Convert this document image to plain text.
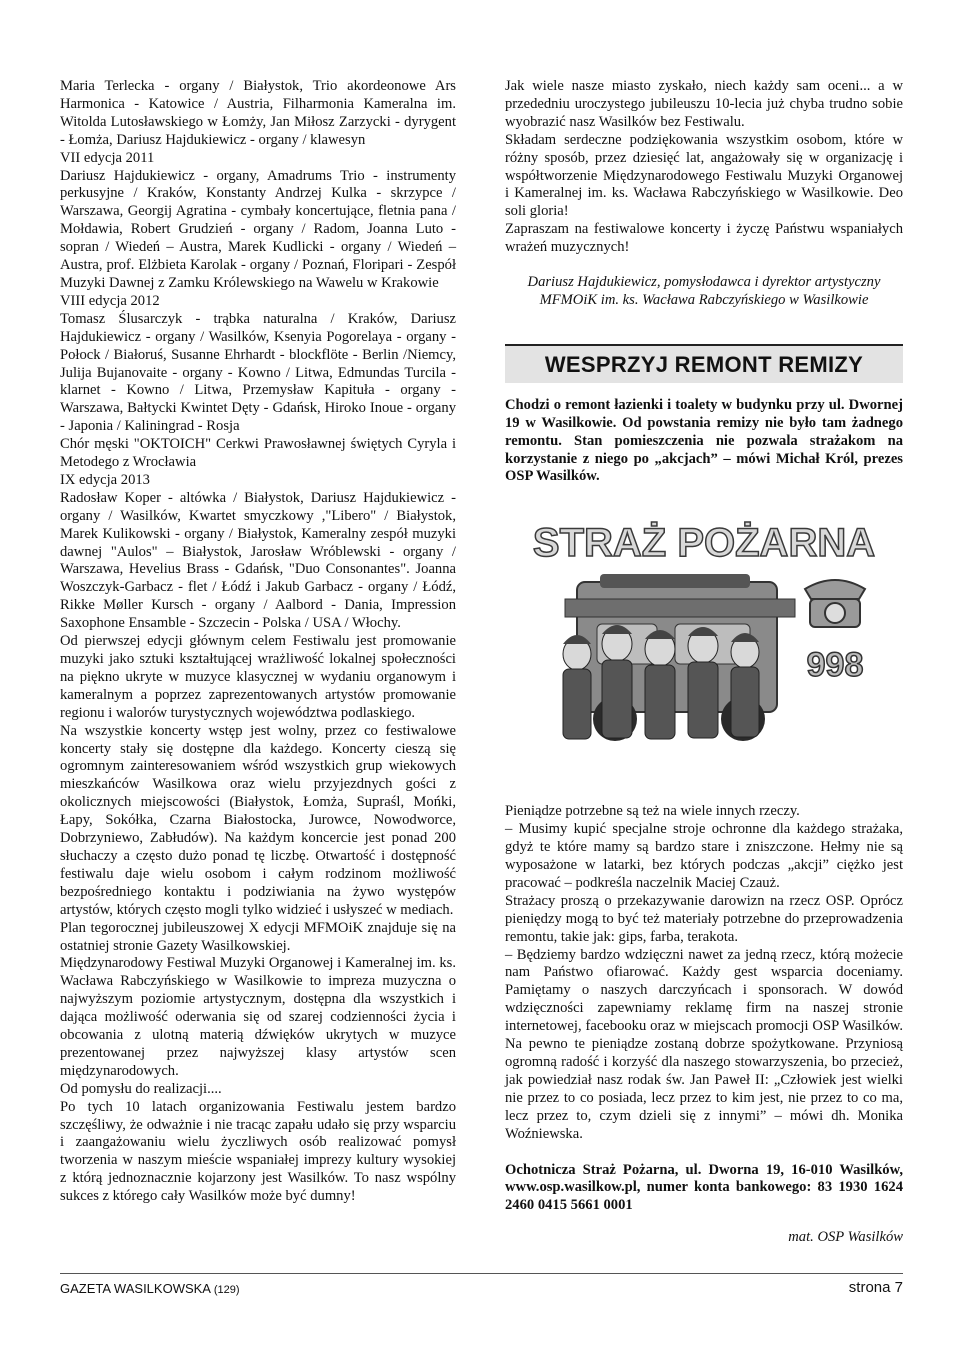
Maria Terlecka - organy / Białystok, Trio akordeonowe Ars Harmonica - Katowice / Austria, Filharmonia Kameralna im. Witolda Lutosławskiego w Łomży, Jan Miłosz Zarzycki - dyrygent - Łomża, Dariusz Hajdukiewicz - organy / klawesyn

VII edycja 2011

Dariusz Hajdukiewicz - organy, Amadrums Trio - instrumenty perkusyjne / Kraków, Konstanty Andrzej Kulka - skrzypce / Warszawa, Georgij Agratina - cymbały koncertujące, fletnia pana / Mołdawia, Robert Grudzień - organy / Radom, Joanna Luto - sopran / Wiedeń – Austra, Marek Kudlicki - organy / Wiedeń – Austra, prof. Elżbieta Karolak - organy / Poznań, Floripari - Zespół Muzyki Dawnej z Zamku Królewskiego na Wawelu w Krakowie

VIII edycja 2012

Tomasz Ślusarczyk - trąbka naturalna / Kraków, Dariusz Hajdukiewicz - organy / Wasilków, Ksenyia Pogorelaya - organy - Połock / Białoruś, Susanne Ehrhardt - blockflöte - Berlin /Niemcy, Julija Bujanovaite - organy - Kowno / Litwa, Edmundas Turcila - klarnet - Kowno / Litwa, Przemysław Kapituła - organy - Warszawa, Bałtycki Kwintet Dęty - Gdańsk, Hiroko Inoue - organy - Japonia / Kaliningrad - Rosja

Chór męski "OKTOICH" Cerkwi Prawosławnej świętych Cyryla i Metodego z Wrocławia

IX edycja 2013

Radosław Koper - altówka / Białystok, Dariusz Hajdukiewicz - organy / Wasilków, Kwartet smyczkowy ,"Libero" / Białystok, Marek Kulikowski - organy / Białystok, Kameralny zespół muzyki dawnej "Aulos" – Białystok, Jarosław Wróblewski - organy / Warszawa, Hevelius Brass - Gdańsk, "Duo Consonantes". Joanna Woszczyk-Garbacz - flet / Łódź i Jakub Garbacz - organy / Łódź, Rikke Møller Kursch - organy / Aalbord - Dania, Impression Saxophone Ensamble - Szczecin - Polska / USA / Włochy.

Od pierwszej edycji głównym celem Festiwalu jest promowanie muzyki jako sztuki kształtującej wrażliwość lokalnej społeczności na piękno ukryte w muzyce klasycznej w wydaniu organowym i kameralnym a poprzez zaprezentowanych artystów promowanie regionu i walorów turystycznych województwa podlaskiego.

Na wszystkie koncerty wstęp jest wolny, przez co festiwalowe koncerty stały się dostępne dla każdego. Koncerty cieszą się ogromnym zainteresowaniem wśród wszystkich grup wiekowych mieszkańców Wasilkowa oraz wielu przyjezdnych gości z okolicznych miejscowości (Białystok, Łomża, Supraśl, Mońki, Łapy, Sokółka, Czarna Białostocka, Jurowce, Nowodworce, Dobrzyniewo, Zabłudów). Na każdym koncercie jest ponad 200 słuchaczy a często dużo ponad tę liczbę. Otwartość i dostępność festiwalu daje wielu osobom i całym rodzinom możliwość bezpośredniego kontaktu i podziwiania na żywo występów artystów, których często mogli tylko widzieć i usłyszeć w mediach.

Plan tegorocznej jubileuszowej X edycji MFMOiK znajduje się na ostatniej stronie Gazety Wasilkowskiej.

Międzynarodowy Festiwal Muzyki Organowej i Kameralnej im. ks. Wacława Rabczyńskiego w Wasilkowie to impreza muzyczna o najwyższym poziomie artystycznym, dostępna dla wszystkich i dająca możliwość oderwania się od szarej codzienności życia i obcowania z ulotną materią dźwięków ukrytych w muzyce prezentowanej przez najwyższej klasy artystów scen międzynarodowych.

Od pomysłu do realizacji....

Po tych 10 latach organizowania Festiwalu jestem bardzo szczęśliwy, że odważnie i nie tracąc zapału udało się przy wsparciu i zaangażowaniu wielu życzliwych osób realizować pomysł tworzenia w naszym mieście wspaniałej imprezy kultury wysokiej z którą jednoznacznie kojarzony jest Wasilków. To nasz wspólny sukces z którego cały Wasilków może być dumny!

Jak wiele nasze miasto zyskało, niech każdy sam oceni... a w przededniu uroczystego jubileuszu 10-lecia już chyba trudno sobie wyobrazić nasz Wasilków bez Festiwalu.

Składam serdeczne podziękowania wszystkim osobom, które w różny sposób, przez dziesięć lat, angażowały się w organizację i współtworzenie Międzynarodowego Festiwalu Muzyki Organowej i Kameralnej im. ks. Wacława Rabczyńskiego w Wasilkowie. Deo soli gloria!

Zapraszam na festiwalowe koncerty i życzę Państwu wspaniałych wrażeń muzycznych!

Dariusz Hajdukiewicz, pomysłodawca i dyrektor artystyczny MFMOiK im. ks. Wacława Rabczyńskiego w Wasilkowie

WESPRZYJ REMONT REMIZY

Chodzi o remont łazienki i toalety w budynku przy ul. Dwornej 19 w Wasilkowie. Od powstania remizy nie było tam żadnego remontu. Stan pomieszczenia nie pozwala strażakom na korzystanie z niego po „akcjach” – mówi Michał Król, prezes OSP Wasilków.

STRAŻ POŻARNA
998

Pieniądze potrzebne są też na wiele innych rzeczy.

– Musimy kupić specjalne stroje ochronne dla każdego strażaka, gdyż te które mamy są bardzo stare i zniszczone. Hełmy nie są wyposażone w latarki, bez których podczas „akcji” ciężko jest pracować – podkreśla naczelnik Maciej Czauż.

Strażacy proszą o przekazywanie darowizn na rzecz OSP. Oprócz pieniędzy mogą to być też materiały potrzebne do przeprowadzenia remontu, takie jak: gips, farba, terakota.

– Będziemy bardzo wdzięczni nawet za jedną rzecz, którą możecie nam Państwo ofiarować. Każdy gest wsparcia doceniamy. Pamiętamy o naszych darczyńcach i sponsorach. W dowód wdzięczności zapewniamy reklamę firm na naszej stronie internetowej, facebooku oraz w miejscach promocji OSP Wasilków. Na pewno te pieniądze zostaną dobrze spożytkowane. Przyniosą ogromną radość i korzyść dla naszego stowarzyszenia, bo przecież, jak powiedział nasz rodak św. Jan Paweł II: „Człowiek jest wielki nie przez to co posiada, lecz przez to kim jest, nie przez to co ma, lecz przez to, czym dzieli się z innymi” – mówi dh. Monika Woźniewska.

Ochotnicza Straż Pożarna, ul. Dworna 19, 16-010 Wasilków, www.osp.wasilkow.pl, numer konta bankowego: 83 1930 1624 2460 0415 5661 0001

mat. OSP Wasilków

GAZETA WASILKOWSKA (129)	strona 7
